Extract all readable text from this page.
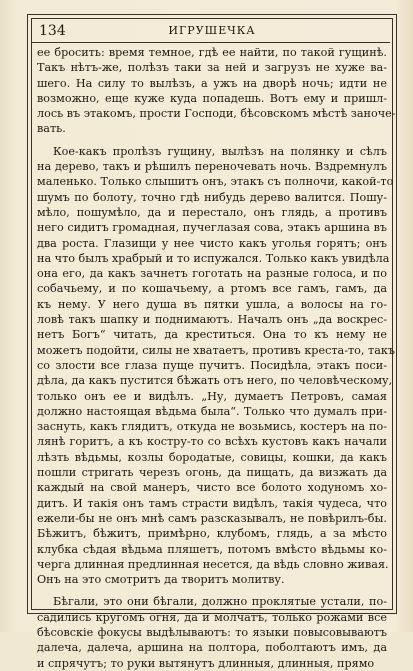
134	ИГРУШЕЧКА
ее бросить: время темное, гдѣ ее найти, по такой гущинѣ.
Такъ нѣтъ-же, полѣзъ таки за ней и загрузъ не хуже ва-
шего. На силу то вылѣзъ, а ужъ на дворѣ ночь; идти не
возможно, еще куже куда попадешь. Вотъ ему и пришл-
лось въ этакомъ, прости Господи, бѣсовскомъ мѣстѣ заноче-
вать.
Кое-какъ пролѣзъ гущину, вылѣзъ на полянку и сѣлъ
на дерево, такъ и рѣшилъ переночевать ночь. Вздремнулъ
маленько. Только слышитъ онъ, этакъ съ полночи, какой-то
шумъ по болоту, точно гдѣ нибудь дерево валится. Пошу-
мѣло, пошумѣло, да и перестало, онъ глядь, а противъ
него сидитъ громадная, пучеглазая сова, этакъ аршина въ
два роста. Глазищи у нее чисто какъ уголья горятъ; онъ
на что былъ храбрый и то испужался. Только какъ увидѣла
она его, да какъ зачнетъ гоготать на разные голоса, и по
собачьему, и по кошачьему, а ртомъ все гамъ, гамъ, да
къ нему. У него душа въ пятки ушла, а волосы на го-
ловѣ такъ шапку и поднимаютъ. Началъ онъ „да воскрес-
нетъ Богъ“ читать, да креститься. Она то къ нему не
можетъ подойти, силы не хватаетъ, противъ креста-то, такъ
со злости все глаза пуще пучитъ. Посидѣла, этакъ поси-
дѣла, да какъ пустится бѣжать отъ него, по человѣческому,
только онъ ее и видѣлъ. „Ну, думаетъ Петровъ, самая
должно настоящая вѣдьма была“. Только что думалъ при-
заснуть, какъ глядитъ, откуда не возьмись, костеръ на по-
лянѣ горитъ, а къ костру-то со всѣхъ кустовъ какъ начали
лѣзть вѣдьмы, козлы бородатые, совицы, кошки, да какъ
пошли стригать черезъ огонь, да пищать, да визжать да
каждый на свой манеръ, чисто все болото ходуномъ хо-
дитъ. И такія онъ тамъ страсти видѣлъ, такія чудеса, что
ежели-бы не онъ мнѣ самъ разсказывалъ, не повѣрилъ-бы.
Бѣжитъ, бѣжитъ, примѣрно, клубомъ, глядь, а за мѣсто
клубка сѣдая вѣдьма пляшетъ, потомъ вмѣсто вѣдьмы ко-
черга длинная предлинная несется, да вѣдь словно живая.
Онъ на это смотритъ да творитъ молитву.
Бѣгали, это они бѣгали, должно проклятые устали, по-
садились кругомъ огня, да и молчатъ, только рожами все
бѣсовскіе фокусы выдѣлываютъ: то языки повысовываютъ
далеча, далеча, аршина на полтора, поболтаютъ имъ, да
и спрячутъ; то руки вытянутъ длинныя, длинныя, прямо
